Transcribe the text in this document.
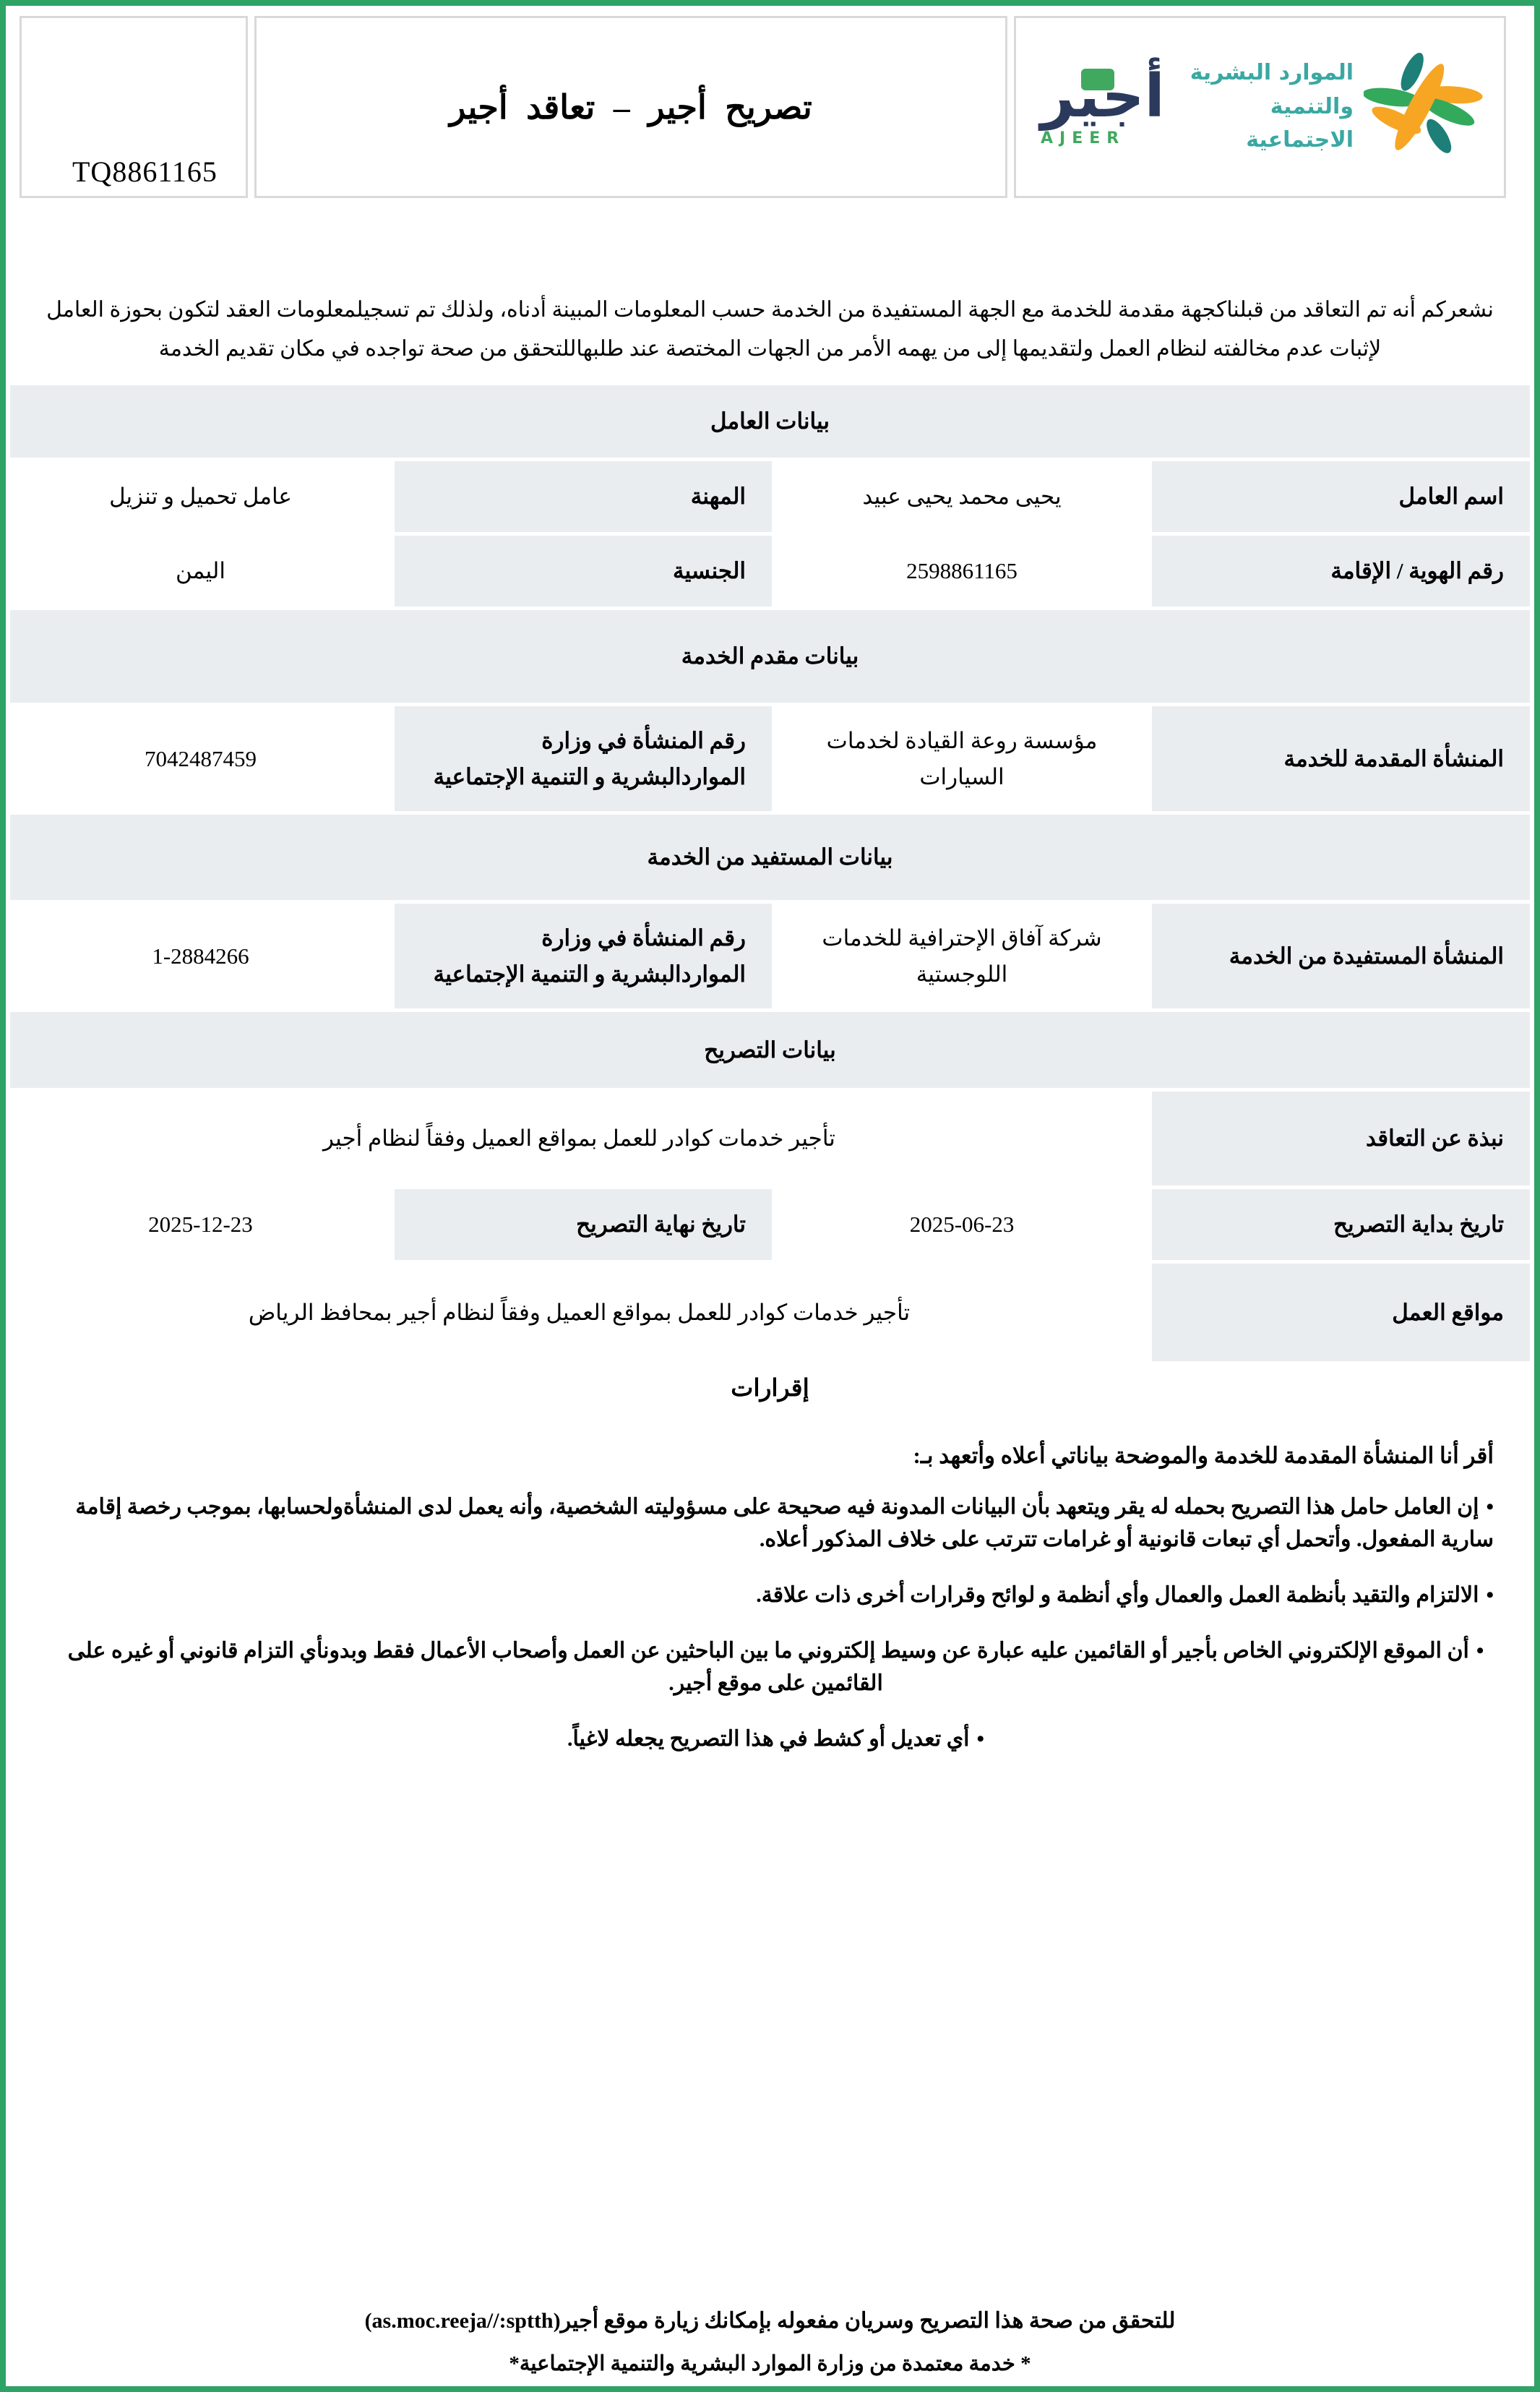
TQ8861165
تصريح أجير – تعاقد أجير	أجير
AJEER
الموارد البشرية
والتنمية الاجتماعية

نشعركم أنه تم التعاقد من قبلناكجهة مقدمة للخدمة مع الجهة المستفيدة من الخدمة حسب المعلومات المبينة أدناه، ولذلك تم تسجيلمعلومات العقد لتكون بحوزة العامل لإثبات عدم مخالفته لنظام العمل ولتقديمها إلى من يهمه الأمر من الجهات المختصة عند طلبهاللتحقق من صحة تواجده في مكان تقديم الخدمة

بيانات العامل			
اسم العامل	يحيى محمد يحيى عبيد	المهنة	عامل تحميل و تنزيل
رقم الهوية / الإقامة	2598861165	الجنسية	اليمن
بيانات مقدم الخدمة			
المنشأة المقدمة للخدمة	مؤسسة روعة القيادة لخدمات السيارات	رقم المنشأة في وزارة المواردالبشرية و التنمية الإجتماعية	7042487459
بيانات المستفيد من الخدمة			
المنشأة المستفيدة من الخدمة	شركة آفاق الإحترافية للخدمات اللوجستية	رقم المنشأة في وزارة المواردالبشرية و التنمية الإجتماعية	1-2884266
بيانات التصريح			
نبذة عن التعاقد	تأجير خدمات كوادر للعمل بمواقع العميل وفقاً لنظام أجير		
تاريخ بداية التصريح	2025-06-23	تاريخ نهاية التصريح	2025-12-23
مواقع العمل	تأجير خدمات كوادر للعمل بمواقع العميل وفقاً لنظام أجير بمحافظ الرياض		
إقرارات
أقر أنا المنشأة المقدمة للخدمة والموضحة بياناتي أعلاه وأتعهد بـ:
•إن العامل حامل هذا التصريح بحمله له يقر ويتعهد بأن البيانات المدونة فيه صحيحة على مسؤوليته الشخصية، وأنه يعمل لدى المنشأةولحسابها، بموجب رخصة إقامة سارية المفعول. وأتحمل أي تبعات قانونية أو غرامات تترتب على خلاف المذكور أعلاه.
•الالتزام والتقيد بأنظمة العمل والعمال وأي أنظمة و لوائح وقرارات أخرى ذات علاقة.
•أن الموقع الإلكتروني الخاص بأجير أو القائمين عليه عبارة عن وسيط إلكتروني ما بين الباحثين عن العمل وأصحاب الأعمال فقط وبدونأي التزام قانوني أو غيره على القائمين على موقع أجير.
•أي تعديل أو كشط في هذا التصريح يجعله لاغياً.
للتحقق من صحة هذا التصريح وسريان مفعوله بإمكانك زيارة موقع أجير(as.moc.reeja//:sptth)
* خدمة معتمدة من وزارة الموارد البشرية والتنمية الإجتماعية*
